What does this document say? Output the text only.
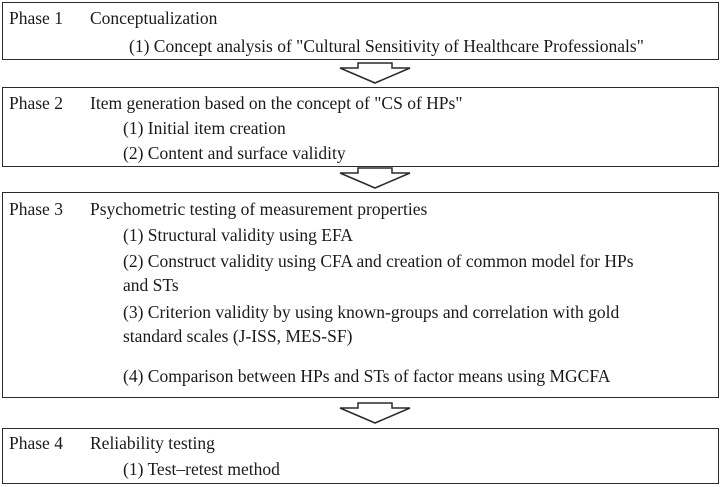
Phase 1 Conceptualization
(1) Concept analysis of "Cultural Sensitivity of Healthcare Professionals"
Phase 2 Item generation based on the concept of "CS of HPs"
(1) Initial item creation
(2) Content and surface validity
Phase 3 Psychometric testing of measurement properties
(1) Structural validity using EFA
(2) Construct validity using CFA and creation of common model for HPs
and STs
(3) Criterion validity by using known-groups and correlation with gold
standard scales (J-ISS, MES-SF)
(4) Comparison between HPs and STs of factor means using MGCFA
Phase 4 Reliability testing
(1) Test–retest method
